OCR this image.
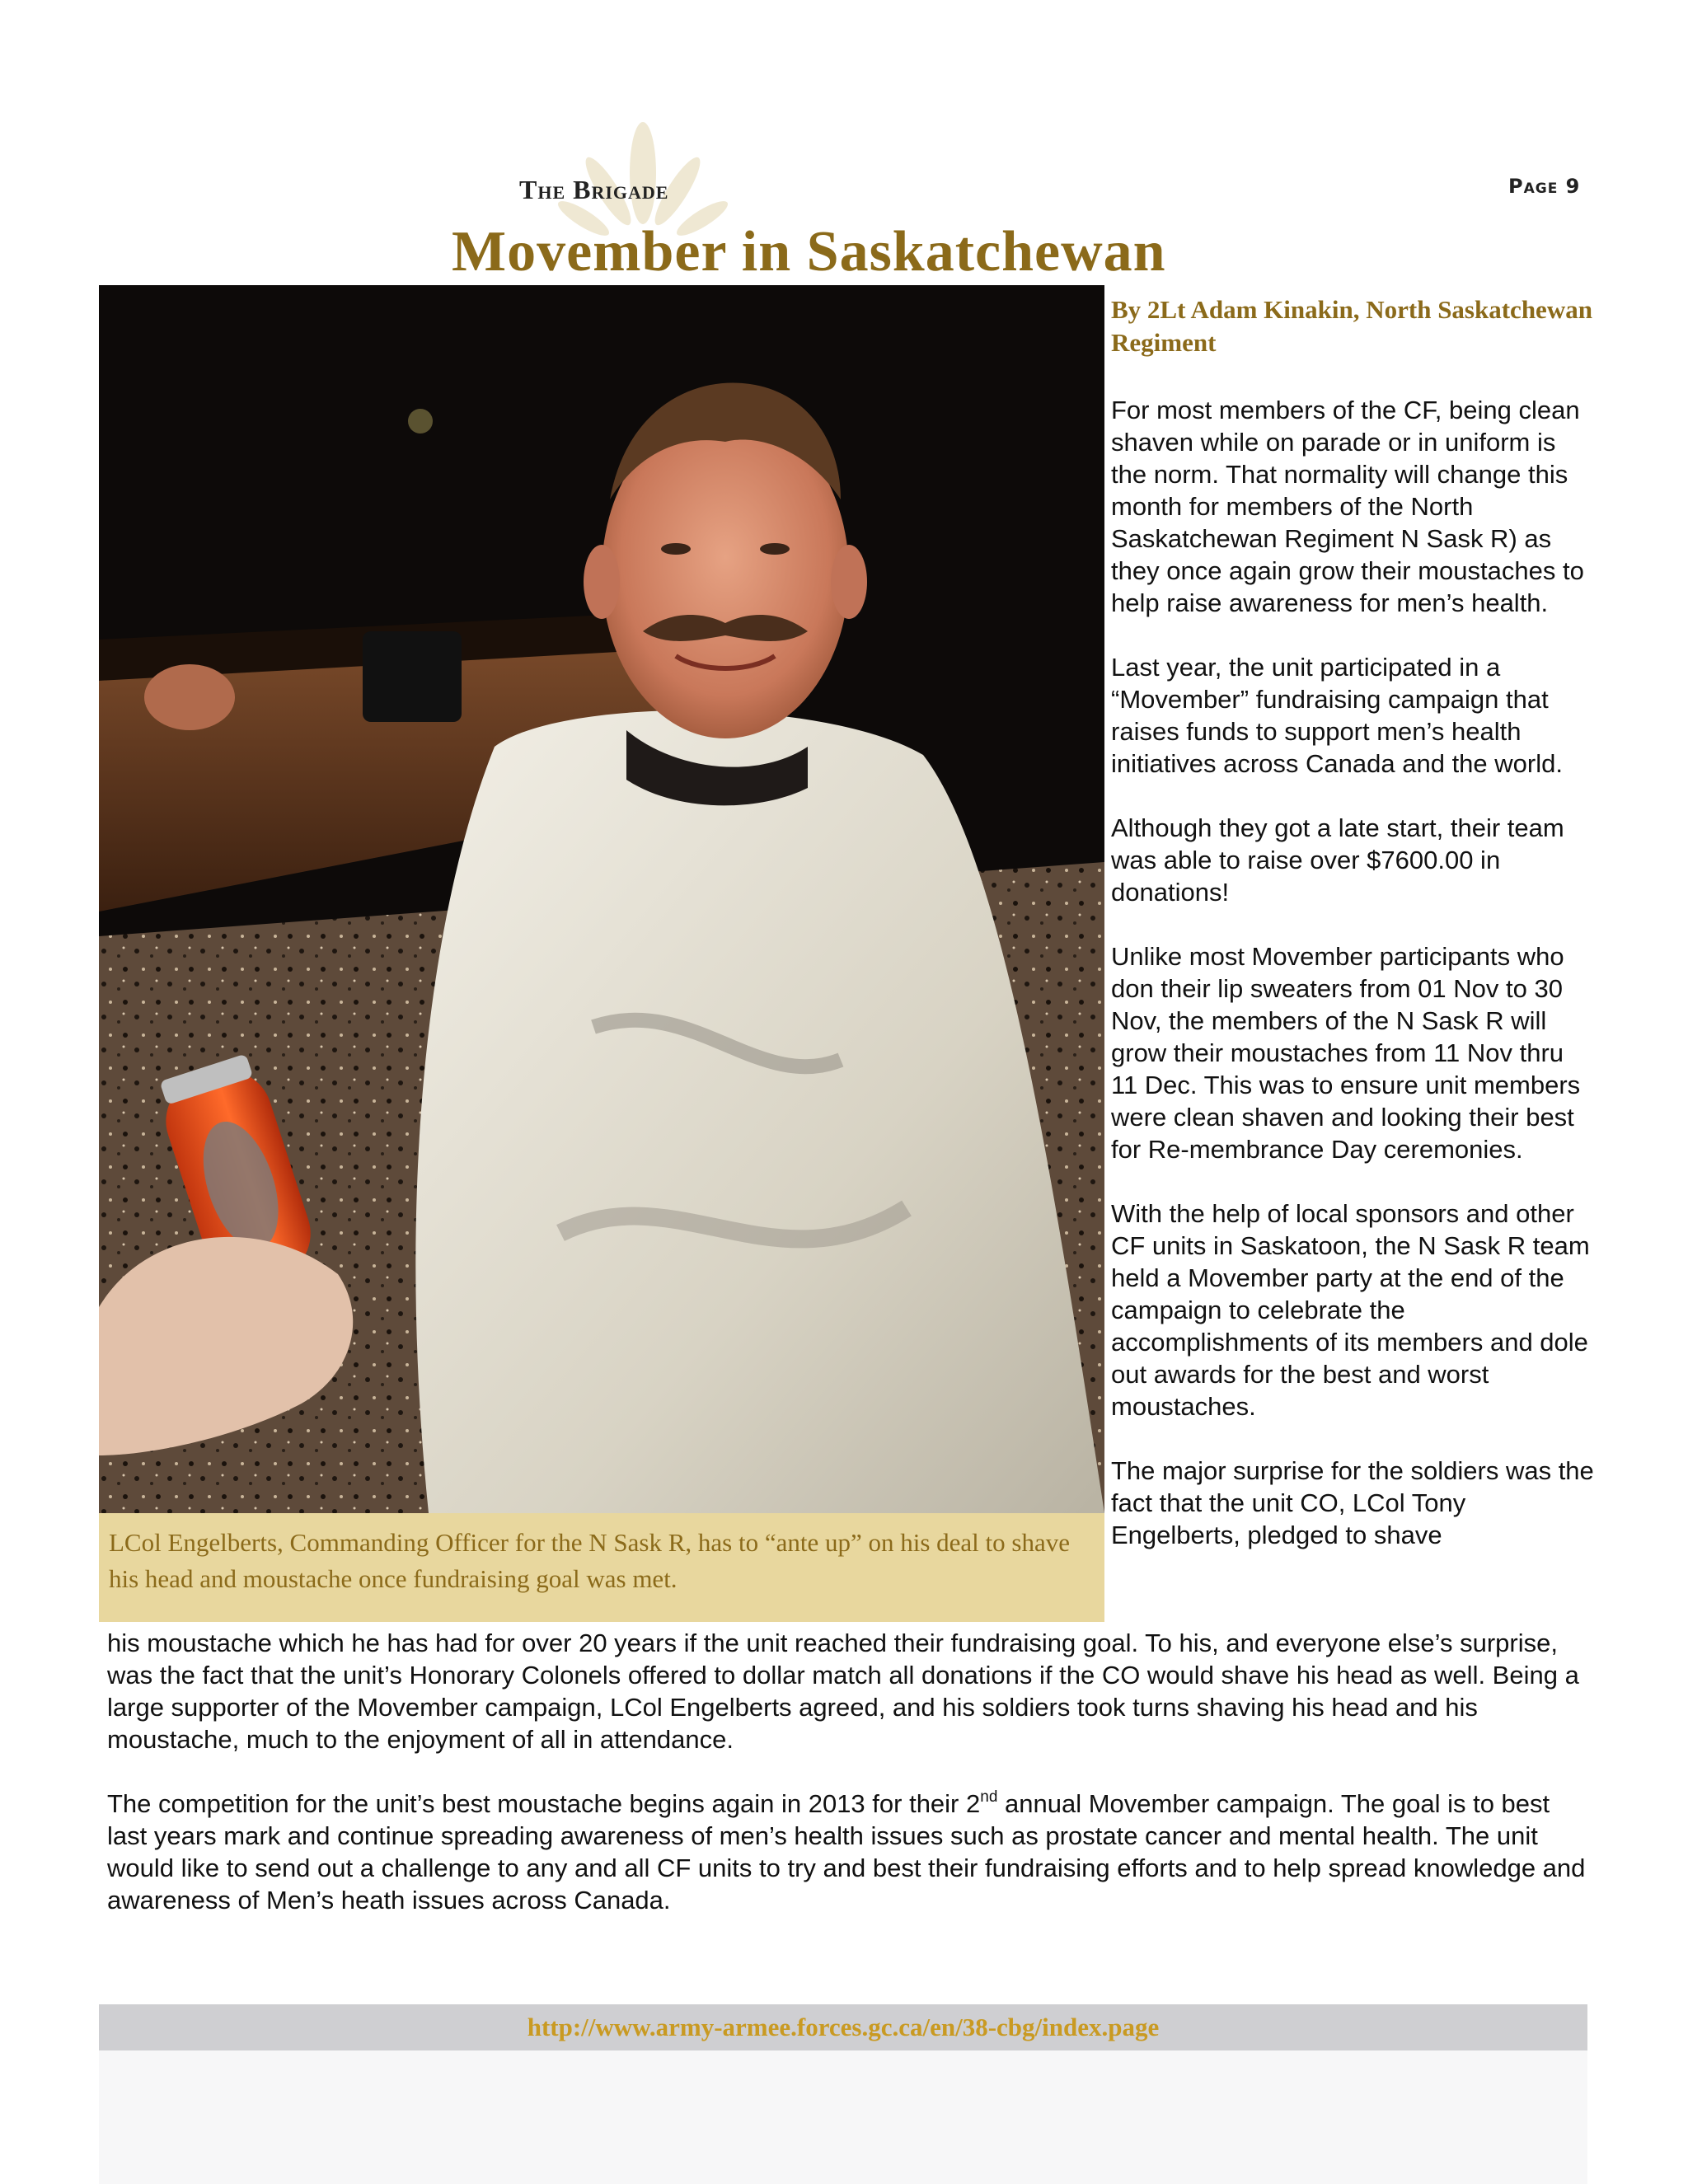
The Brigade	Page 9
Movember in Saskatchewan

LCol Engelberts, Commanding Officer for the N Sask R, has to “ante up” on his deal to shave his head and moustache once fundraising goal was met.

By 2Lt Adam Kinakin, North Saskatchewan Regiment

For most members of the CF, being clean shaven while on parade or in uniform is the norm. That normality will change this month for members of the North Saskatchewan Regiment N Sask R) as they once again grow their moustaches to help raise awareness for men’s health.

Last year, the unit participated in a “Movember” fundraising campaign that raises funds to support men’s health initiatives across Canada and the world.

Although they got a late start, their team was able to raise over $7600.00 in donations!

Unlike most Movember participants who don their lip sweaters from 01 Nov to 30 Nov, the members of the N Sask R will grow their moustaches from 11 Nov thru 11 Dec. This was to ensure unit members were clean shaven and looking their best for Re-membrance Day ceremonies.

With the help of local sponsors and other CF units in Saskatoon, the N Sask R team held a Movember party at the end of the campaign to celebrate the accomplishments of its members and dole out awards for the best and worst moustaches.

The major surprise for the soldiers was the fact that the unit CO, LCol Tony Engelberts, pledged to shave

his moustache which he has had for over 20 years if the unit reached their fundraising goal. To his, and everyone else’s surprise, was the fact that the unit’s Honorary Colonels offered to dollar match all donations if the CO would shave his head as well. Being a large supporter of the Movember campaign, LCol Engelberts agreed, and his soldiers took turns shaving his head and his moustache, much to the enjoyment of all in attendance.

The competition for the unit’s best moustache begins again in 2013 for their 2nd annual Movember campaign. The goal is to best last years mark and continue spreading awareness of men’s health issues such as prostate cancer and mental health. The unit would like to send out a challenge to any and all CF units to try and best their fundraising efforts and to help spread knowledge and awareness of Men’s heath issues across Canada.

http://www.army-armee.forces.gc.ca/en/38-cbg/index.page
